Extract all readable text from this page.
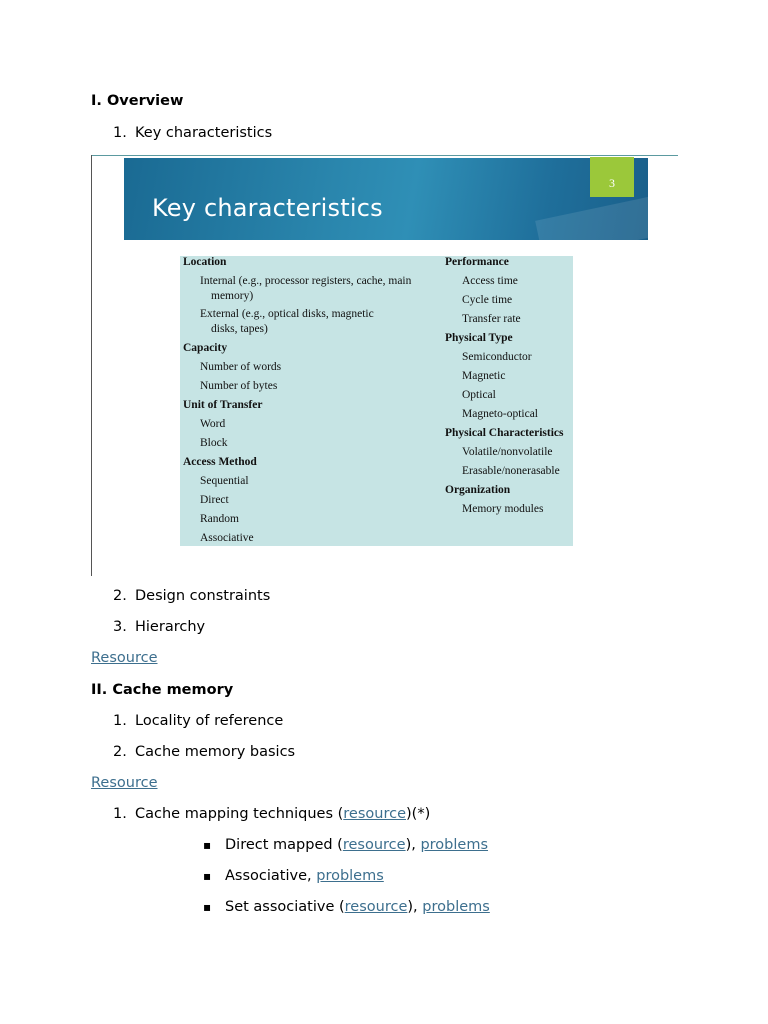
I. Overview
1. Key characteristics
Key characteristics
3
Location
Internal (e.g., processor registers, cache, main
memory)
External (e.g., optical disks, magnetic
disks, tapes)
Capacity
Number of words
Number of bytes
Unit of Transfer
Word
Block
Access Method
Sequential
Direct
Random
Associative
Performance
Access time
Cycle time
Transfer rate
Physical Type
Semiconductor
Magnetic
Optical
Magneto-optical
Physical Characteristics
Volatile/nonvolatile
Erasable/nonerasable
Organization
Memory modules
2. Design constraints
3. Hierarchy
Resource
II. Cache memory
1. Locality of reference
2. Cache memory basics
Resource
1. Cache mapping techniques (resource)(*)
▪ Direct mapped (resource), problems
▪ Associative, problems
▪ Set associative (resource), problems
